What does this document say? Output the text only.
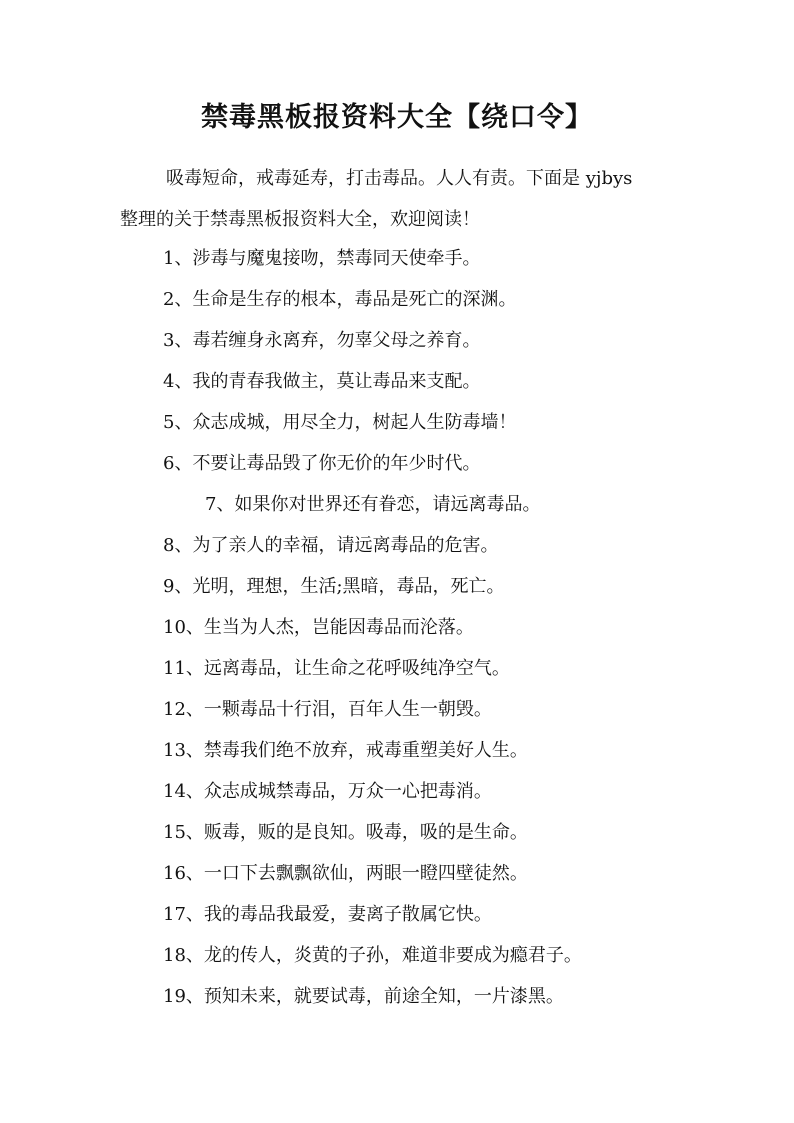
禁毒黑板报资料大全【绕口令】
吸毒短命，戒毒延寿，打击毒品。人人有责。下面是 yjbys
整理的关于禁毒黑板报资料大全，欢迎阅读！
1、涉毒与魔鬼接吻，禁毒同天使牵手。
2、生命是生存的根本，毒品是死亡的深渊。
3、毒若缠身永离弃，勿辜父母之养育。
4、我的青春我做主，莫让毒品来支配。
5、众志成城，用尽全力，树起人生防毒墙！
6、不要让毒品毁了你无价的年少时代。
7、如果你对世界还有眷恋，请远离毒品。
8、为了亲人的幸福，请远离毒品的危害。
9、光明，理想，生活;黑暗，毒品，死亡。
10、生当为人杰，岂能因毒品而沦落。
11、远离毒品，让生命之花呼吸纯净空气。
12、一颗毒品十行泪，百年人生一朝毁。
13、禁毒我们绝不放弃，戒毒重塑美好人生。
14、众志成城禁毒品，万众一心把毒消。
15、贩毒，贩的是良知。吸毒，吸的是生命。
16、一口下去飘飘欲仙，两眼一瞪四壁徒然。
17、我的毒品我最爱，妻离子散属它快。
18、龙的传人，炎黄的子孙，难道非要成为瘾君子。
19、预知未来，就要试毒，前途全知，一片漆黑。
